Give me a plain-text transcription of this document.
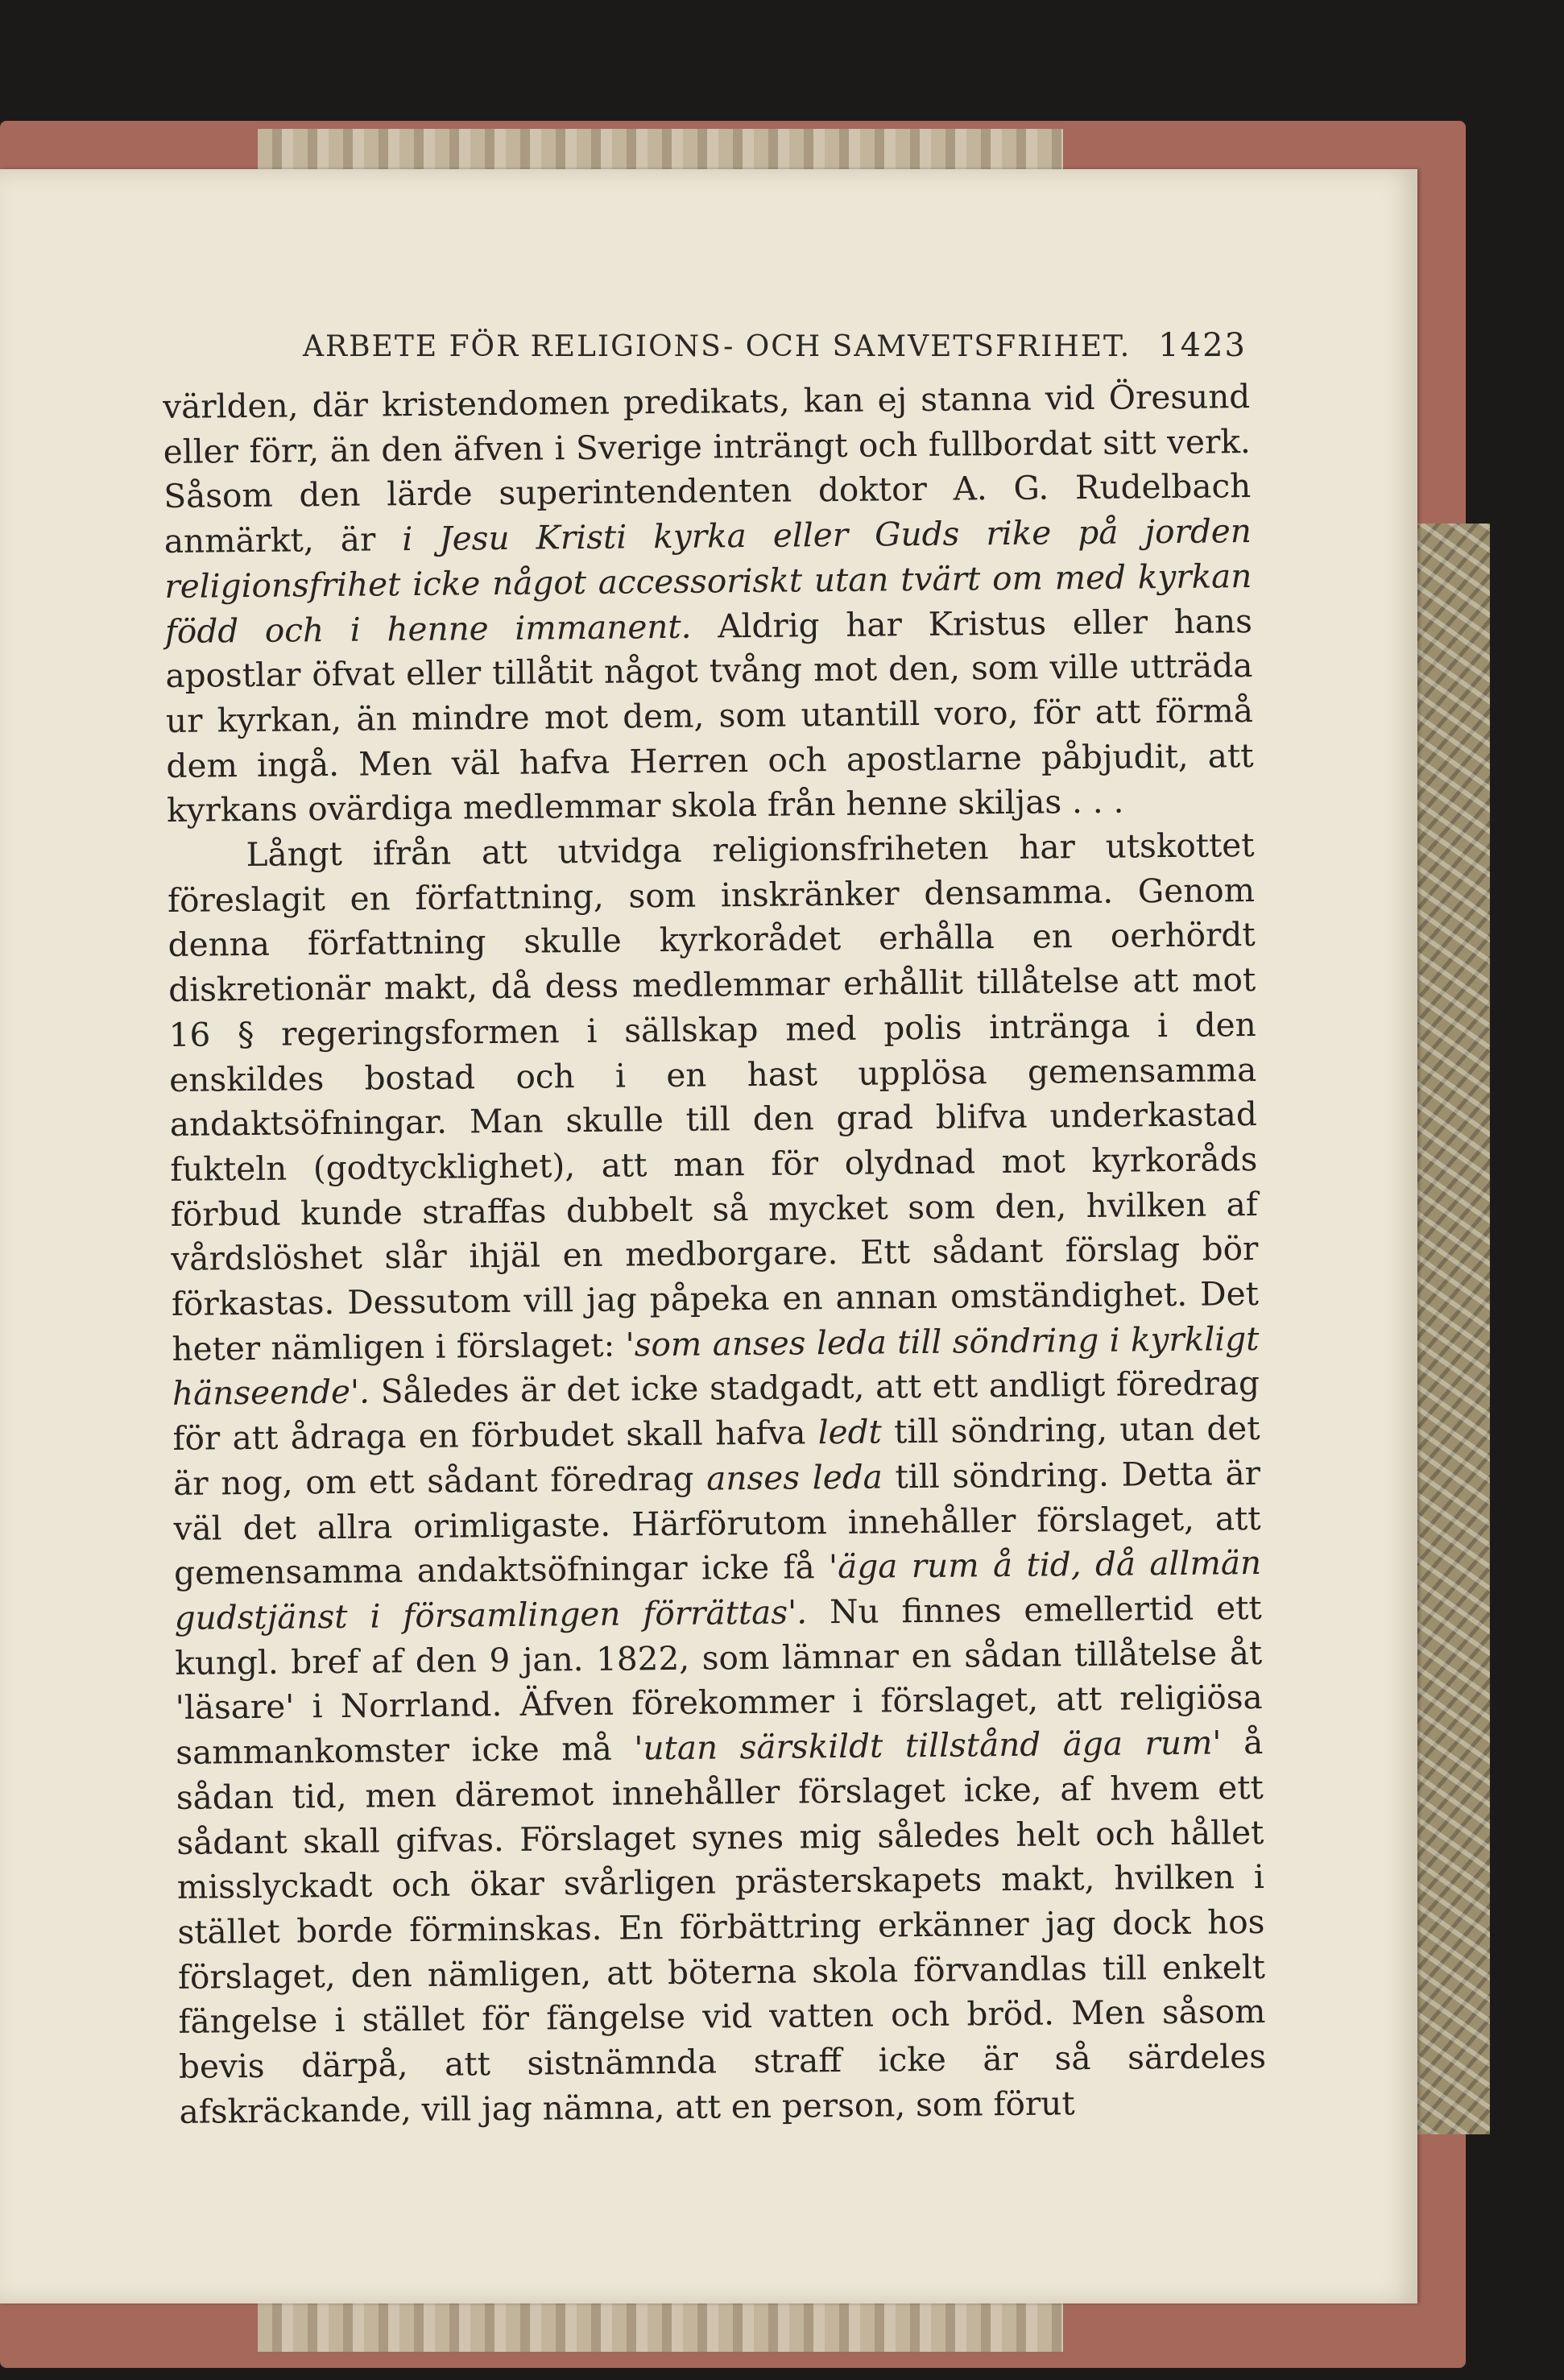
ARBETE FÖR RELIGIONS- OCH SAMVETSFRIHET. 1423

världen, där kristendomen predikats, kan ej stanna vid Öresund eller förr, än den äfven i Sverige inträngt och fullbordat sitt verk. Såsom den lärde superintendenten doktor A. G. Rudelbach anmärkt, är i Jesu Kristi kyrka eller Guds rike på jorden religionsfrihet icke något accessoriskt utan tvärt om med kyrkan född och i henne immanent. Aldrig har Kristus eller hans apostlar öfvat eller tillåtit något tvång mot den, som ville utträda ur kyrkan, än mindre mot dem, som utantill voro, för att förmå dem ingå. Men väl hafva Herren och apostlarne påbjudit, att kyrkans ovärdiga medlemmar skola från henne skiljas . . .

Långt ifrån att utvidga religionsfriheten har utskottet föreslagit en författning, som inskränker densamma. Genom denna författning skulle kyrkorådet erhålla en oerhördt diskretionär makt, då dess medlemmar erhållit tillåtelse att mot 16 § regeringsformen i sällskap med polis intränga i den enskildes bostad och i en hast upplösa gemensamma andaktsöfningar. Man skulle till den grad blifva underkastad fukteln (godtycklighet), att man för olydnad mot kyrkoråds förbud kunde straffas dubbelt så mycket som den, hvilken af vårdslöshet slår ihjäl en medborgare. Ett sådant förslag bör förkastas. Dessutom vill jag påpeka en annan omständighet. Det heter nämligen i förslaget: 'som anses leda till söndring i kyrkligt hänseende'. Således är det icke stadgadt, att ett andligt föredrag för att ådraga en förbudet skall hafva ledt till söndring, utan det är nog, om ett sådant föredrag anses leda till söndring. Detta är väl det allra orimligaste. Härförutom innehåller förslaget, att gemensamma andaktsöfningar icke få 'äga rum å tid, då allmän gudstjänst i församlingen förrättas'. Nu finnes emellertid ett kungl. bref af den 9 jan. 1822, som lämnar en sådan tillåtelse åt 'läsare' i Norrland. Äfven förekommer i förslaget, att religiösa sammankomster icke må 'utan särskildt tillstånd äga rum' å sådan tid, men däremot innehåller förslaget icke, af hvem ett sådant skall gifvas. Förslaget synes mig således helt och hållet misslyckadt och ökar svårligen prästerskapets makt, hvilken i stället borde förminskas. En förbättring erkänner jag dock hos förslaget, den nämligen, att böterna skola förvandlas till enkelt fängelse i stället för fängelse vid vatten och bröd. Men såsom bevis därpå, att sistnämnda straff icke är så särdeles afskräckande, vill jag nämna, att en person, som förut
